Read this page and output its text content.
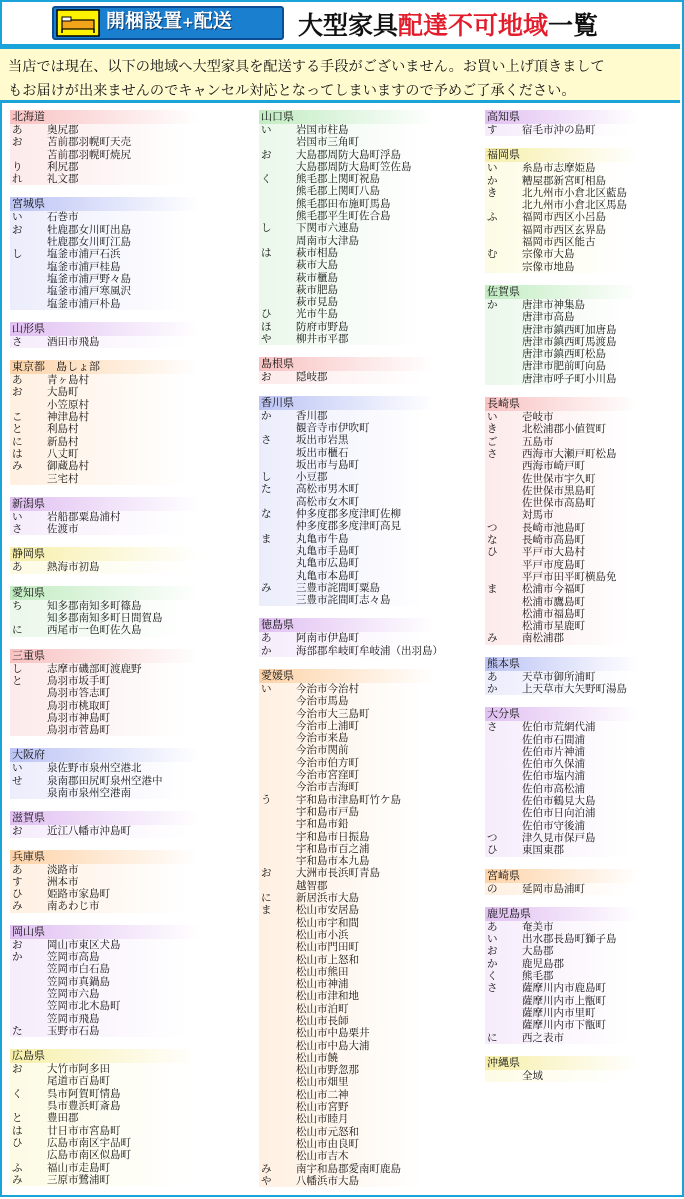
開梱設置+配送	大型家具配達不可地域一覧
当店では現在、以下の地域へ大型家具を配送する手段がございません。お買い上げ頂きまして
もお届けが出来ませんのでキャンセル対応となってしまいますので予めご了承ください。
北海道
あ	奥尻郡
お	苫前郡羽幌町天売
苫前郡羽幌町焼尻
り	利尻郡
れ	礼文郡
宮城県
い	石巻市
お	牡鹿郡女川町出島
牡鹿郡女川町江島
し	塩釜市浦戸石浜
塩釜市浦戸桂島
塩釜市浦戸野々島
塩釜市浦戸寒風沢
塩釜市浦戸朴島
山形県
さ	酒田市飛島
東京都　島しょ部
あ	青ヶ島村
お	大島町
小笠原村
こ	神津島村
と	利島村
に	新島村
は	八丈町
み	御蔵島村
三宅村
新潟県
い	岩船郡粟島浦村
さ	佐渡市
静岡県
あ	熱海市初島
愛知県
ち	知多郡南知多町篠島
知多郡南知多町日間賀島
に	西尾市一色町佐久島
三重県
し	志摩市磯部町渡鹿野
と	鳥羽市坂手町
鳥羽市答志町
鳥羽市桃取町
鳥羽市神島町
鳥羽市菅島町
大阪府
い	泉佐野市泉州空港北
せ	泉南郡田尻町泉州空港中
泉南市泉州空港南
滋賀県
お	近江八幡市沖島町
兵庫県
あ	淡路市
す	洲本市
ひ	姫路市家島町
み	南あわじ市
岡山県
お	岡山市東区犬島
か	笠岡市高島
笠岡市白石島
笠岡市真鍋島
笠岡市六島
笠岡市北木島町
笠岡市飛島
た	玉野市石島
広島県
お	大竹市阿多田
尾道市百島町
く	呉市阿賀町情島
呉市豊浜町斎島
と	豊田郡
は	廿日市市宮島町
ひ	広島市南区宇品町
広島市南区似島町
ふ	福山市走島町
み	三原市鷺浦町
山口県
い	岩国市柱島
岩国市三角町
お	大島郡周防大島町浮島
大島郡周防大島町笠佐島
く	熊毛郡上関町祝島
熊毛郡上関町八島
熊毛郡田布施町馬島
熊毛郡平生町佐合島
し	下関市六連島
周南市大津島
は	萩市相島
萩市大島
萩市櫃島
萩市肥島
萩市見島
ひ	光市牛島
ほ	防府市野島
や	柳井市平郡
島根県
お	隠岐郡
香川県
か	香川郡
観音寺市伊吹町
さ	坂出市岩黒
坂出市櫃石
坂出市与島町
し	小豆郡
た	高松市男木町
高松市女木町
な	仲多度郡多度津町佐柳
仲多度郡多度津町高見
ま	丸亀市牛島
丸亀市手島町
丸亀市広島町
丸亀市本島町
み	三豊市詫間町粟島
三豊市詫間町志々島
徳島県
あ	阿南市伊島町
か	海部郡牟岐町牟岐浦（出羽島）
愛媛県
い	今治市今治村
今治市馬島
今治市大三島町
今治市上浦町
今治市来島
今治市関前
今治市伯方町
今治市宮窪町
今治市吉海町
う	宇和島市津島町竹ケ島
宇和島市戸島
宇和島市鉛
宇和島市日振島
宇和島市百之浦
宇和島市本九島
お	大洲市長浜町青島
越智郡
に	新居浜市大島
ま	松山市安居島
松山市宇和間
松山市小浜
松山市門田町
松山市上怒和
松山市熊田
松山市神浦
松山市津和地
松山市泊町
松山市長師
松山市中島栗井
松山市中島大浦
松山市饒
松山市野忽那
松山市畑里
松山市二神
松山市宮野
松山市睦月
松山市元怒和
松山市由良町
松山市吉木
み	南宇和島郡愛南町鹿島
や	八幡浜市大島
高知県
す	宿毛市沖の島町
福岡県
い	糸島市志摩姫島
か	糟屋郡新宮町相島
き	北九州市小倉北区藍島
北九州市小倉北区馬島
ふ	福岡市西区小呂島
福岡市西区玄界島
福岡市西区能古
む	宗像市大島
宗像市地島
佐賀県
か	唐津市神集島
唐津市高島
唐津市鎮西町加唐島
唐津市鎮西町馬渡島
唐津市鎮西町松島
唐津市肥前町向島
唐津市呼子町小川島
長崎県
い	壱岐市
き	北松浦郡小値賀町
ご	五島市
さ	西海市大瀬戸町松島
西海市崎戸町
佐世保市宇久町
佐世保市黒島町
佐世保市高島町
対馬市
つ	長崎市池島町
な	長崎市高島町
ひ	平戸市大島村
平戸市度島町
平戸市田平町横島免
ま	松浦市今福町
松浦市鷹島町
松浦市福島町
松浦市星鹿町
み	南松浦郡
熊本県
あ	天草市御所浦町
か	上天草市大矢野町湯島
大分県
さ	佐伯市荒網代浦
佐伯市石間浦
佐伯市片神浦
佐伯市久保浦
佐伯市塩内浦
佐伯市高松浦
佐伯市鶴見大島
佐伯市日向泊浦
佐伯市守後浦
つ	津久見市保戸島
ひ	東国東郡
宮崎県
の	延岡市島浦町
鹿児島県
あ	奄美市
い	出水郡長島町獅子島
お	大島郡
か	鹿児島郡
く	熊毛郡
さ	薩摩川内市鹿島町
薩摩川内市上甑町
薩摩川内市里町
薩摩川内市下甑町
に	西之表市
沖縄県
全域
